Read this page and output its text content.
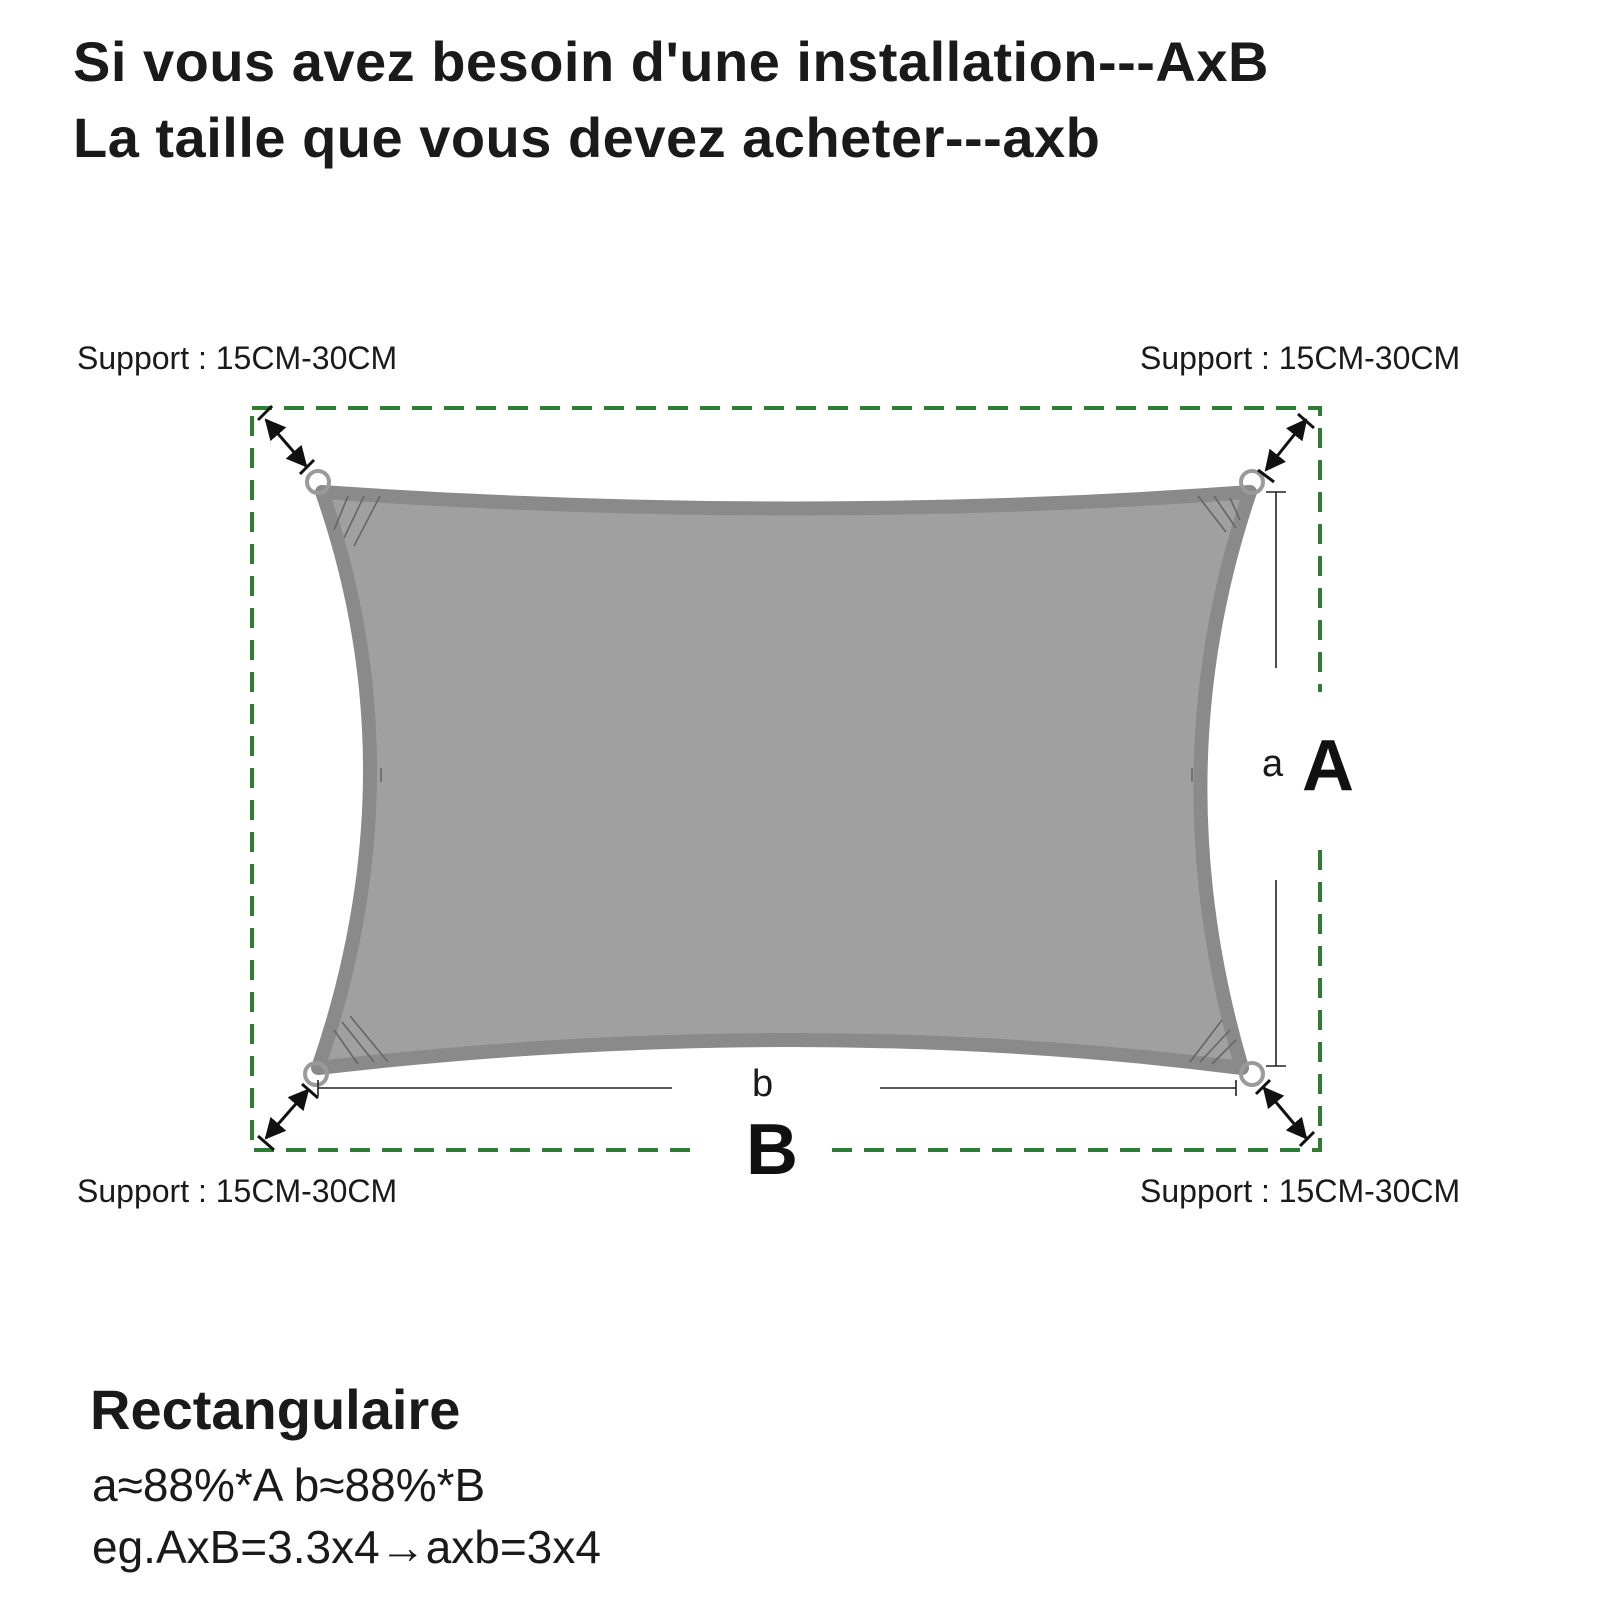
Si vous avez besoin d'une installation---AxB
La taille que vous devez acheter---axb
Support : 15CM-30CM	Support : 15CM-30CM
Support : 15CM-30CM	Support : 15CM-30CM
a A
b
B
Rectangulaire

a≈88%*A b≈88%*B

eg.AxB=3.3x4→axb=3x4
